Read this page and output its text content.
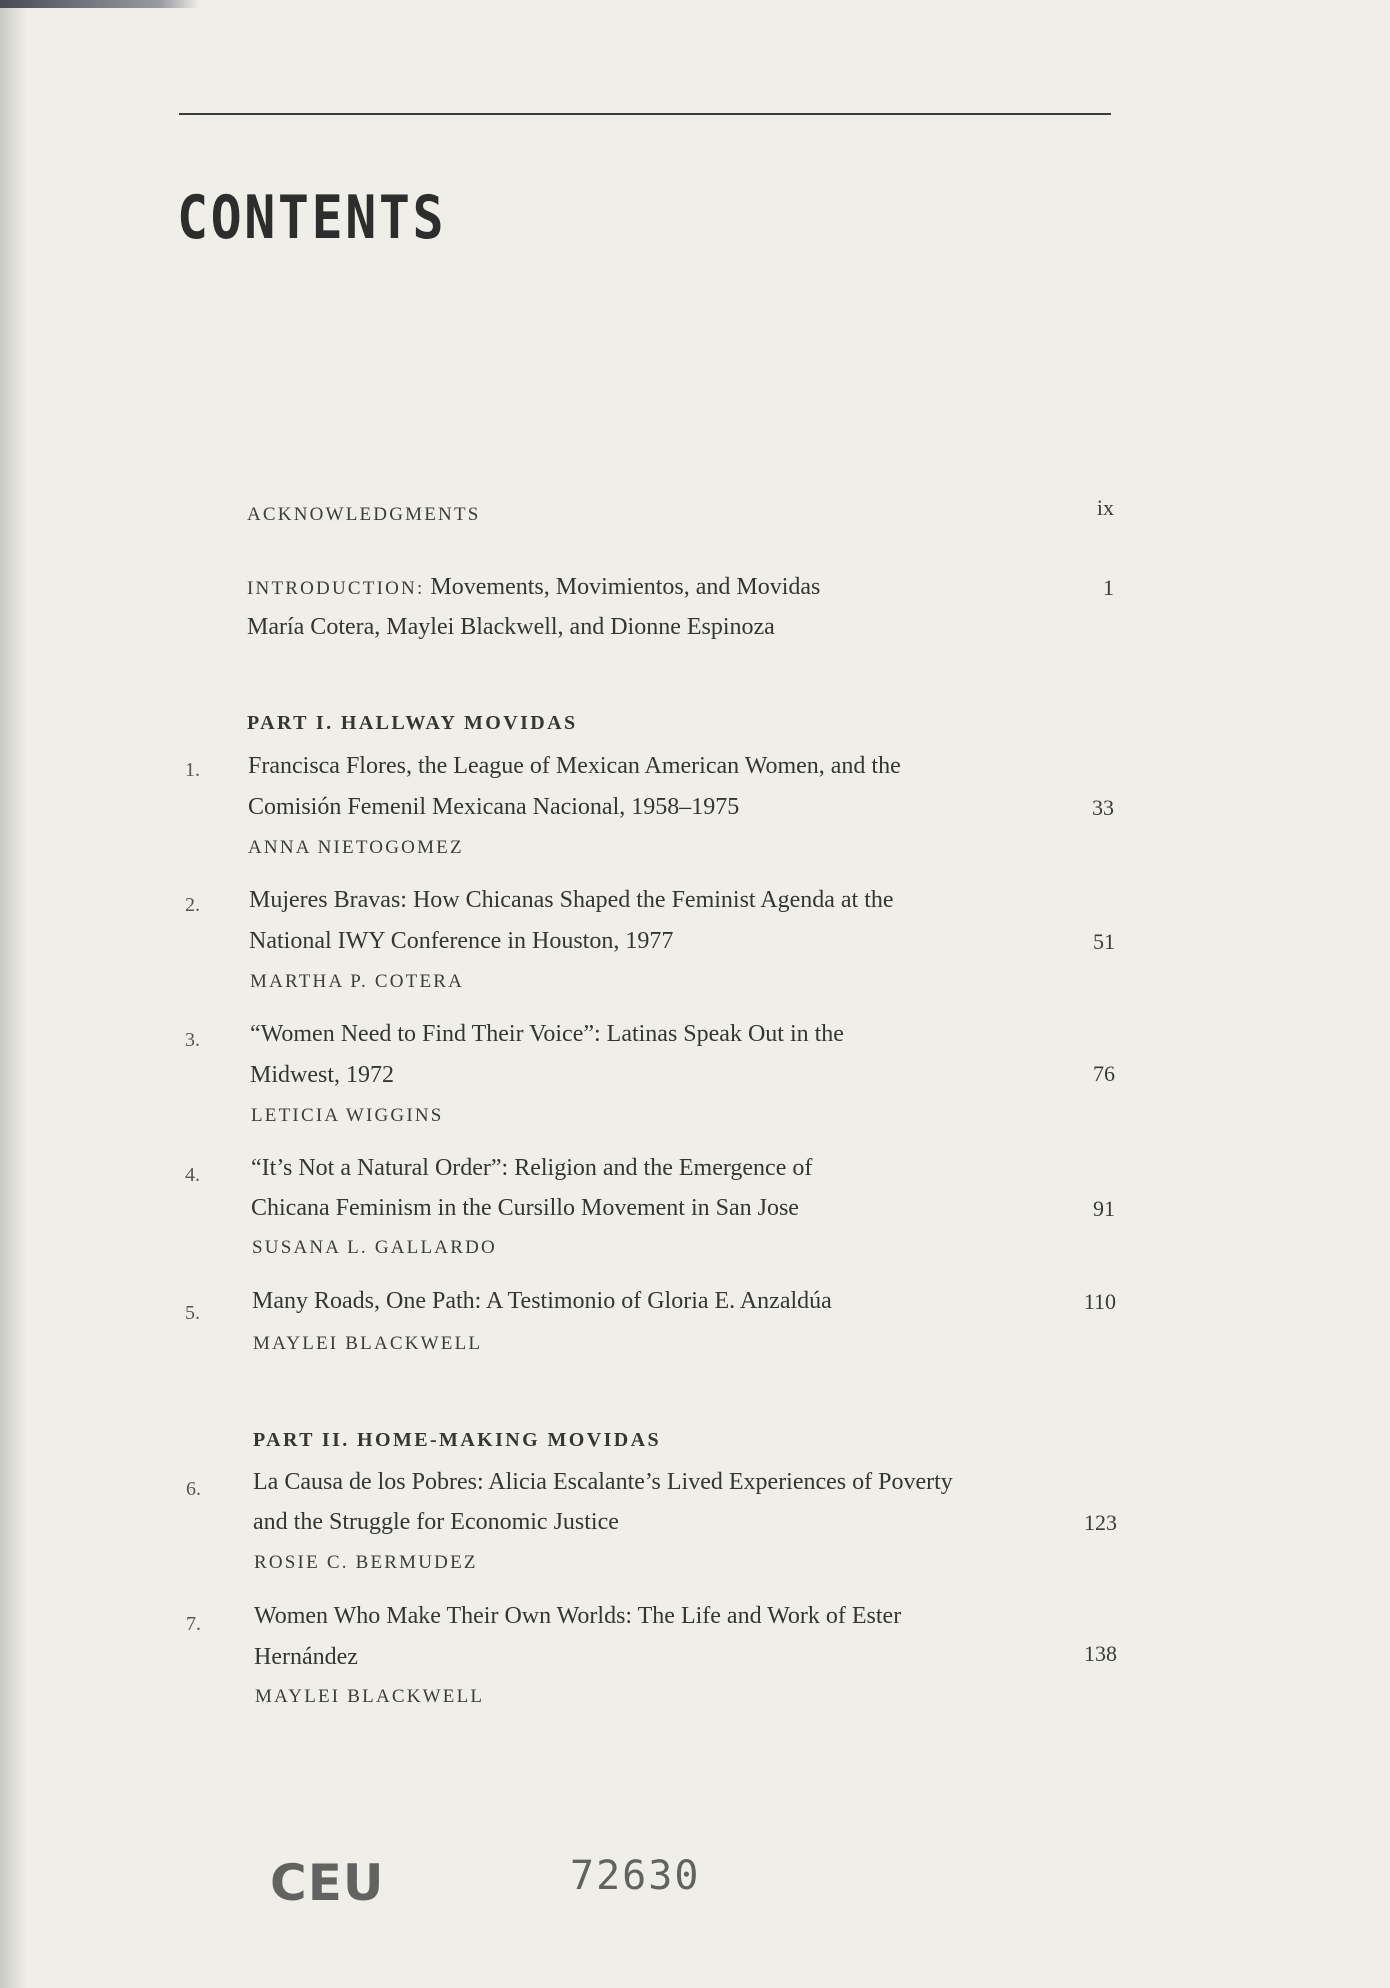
CONTENTS
ACKNOWLEDGMENTS	ix
INTRODUCTION: Movements, Movimientos, and Movidas	1
María Cotera, Maylei Blackwell, and Dionne Espinoza
PART I. HALLWAY MOVIDAS
1. Francisca Flores, the League of Mexican American Women, and the
Comisión Femenil Mexicana Nacional, 1958–1975	33
ANNA NIETOGOMEZ
2. Mujeres Bravas: How Chicanas Shaped the Feminist Agenda at the
National IWY Conference in Houston, 1977	51
MARTHA P. COTERA
3. “Women Need to Find Their Voice”: Latinas Speak Out in the
Midwest, 1972	76
LETICIA WIGGINS
4. “It’s Not a Natural Order”: Religion and the Emergence of
Chicana Feminism in the Cursillo Movement in San Jose	91
SUSANA L. GALLARDO
5. Many Roads, One Path: A Testimonio of Gloria E. Anzaldúa	110
MAYLEI BLACKWELL
PART II. HOME-MAKING MOVIDAS
6. La Causa de los Pobres: Alicia Escalante’s Lived Experiences of Poverty
and the Struggle for Economic Justice	123
ROSIE C. BERMUDEZ
7. Women Who Make Their Own Worlds: The Life and Work of Ester
Hernández	138
MAYLEI BLACKWELL
CEU	72630
